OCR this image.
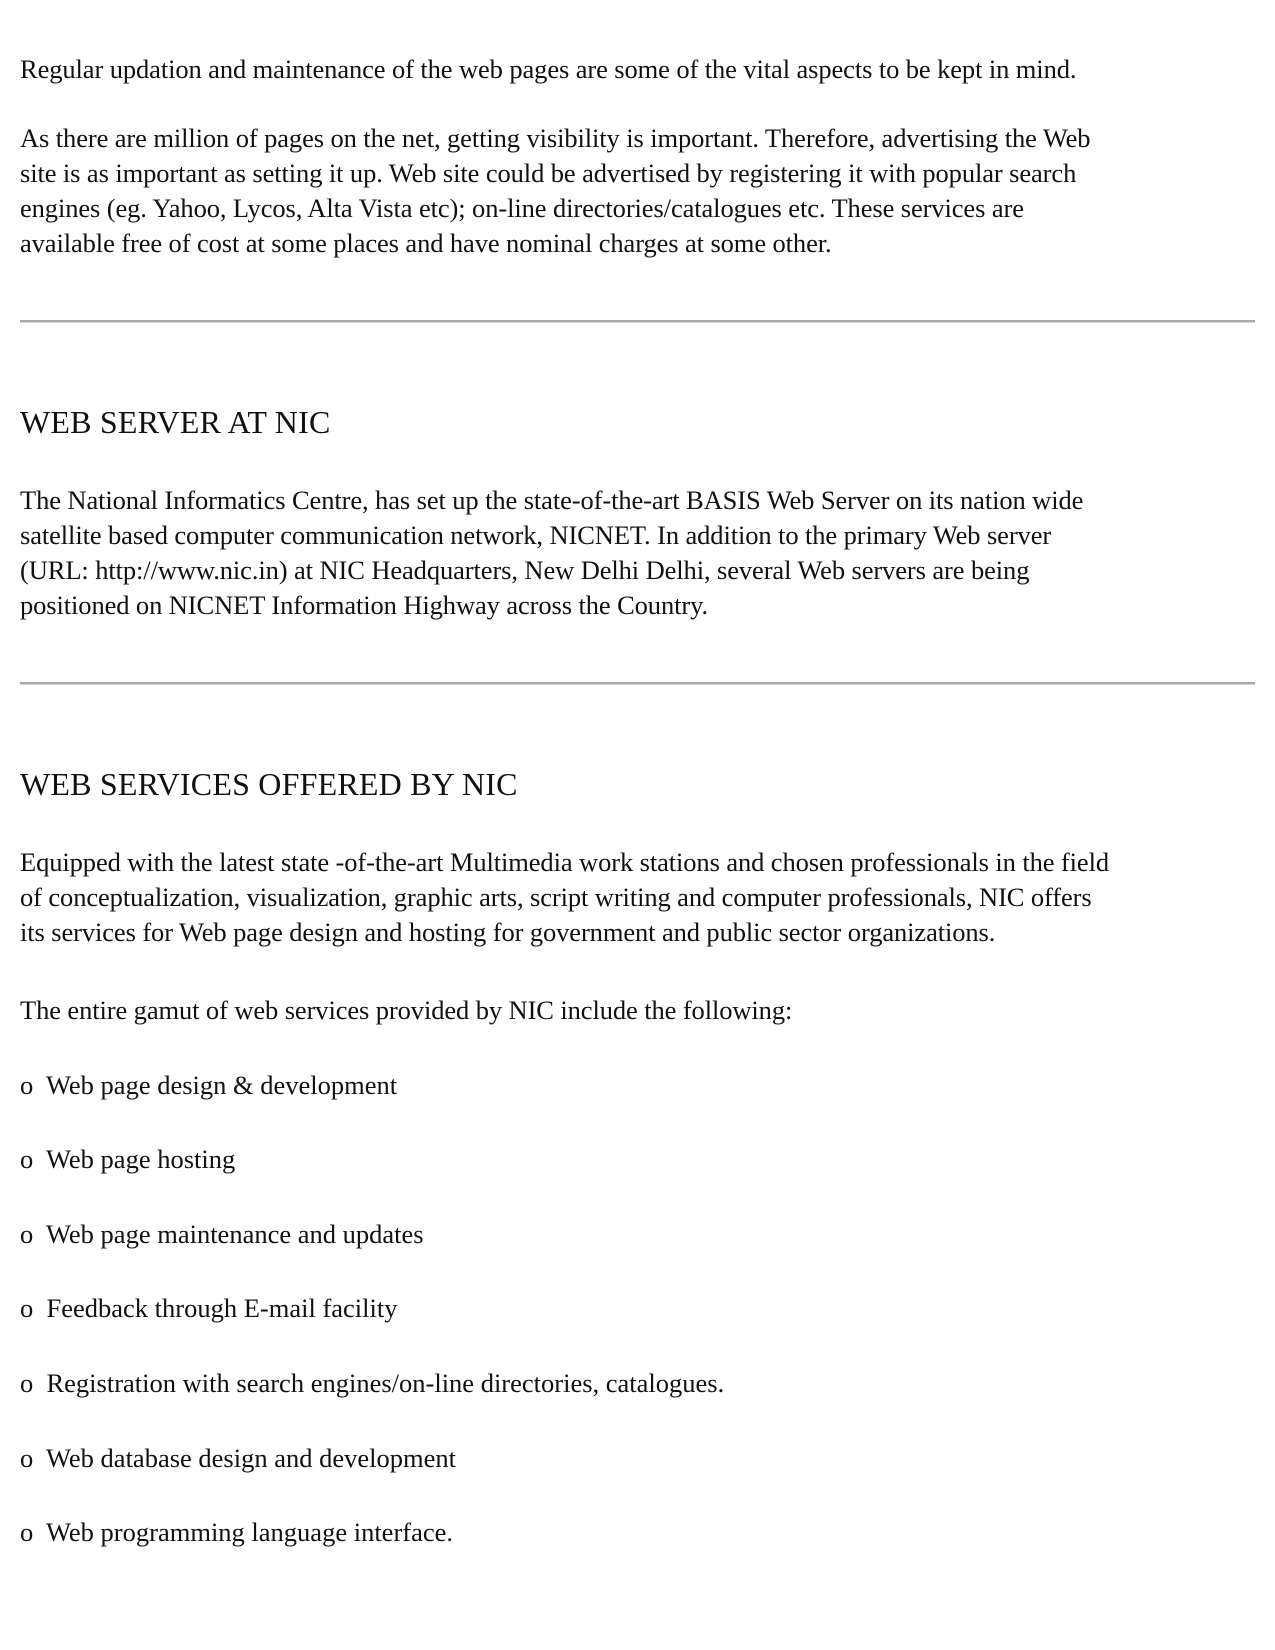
Regular updation and maintenance of the web pages are some of the vital aspects to be kept in mind.

As there are million of pages on the net, getting visibility is important. Therefore, advertising the Web

site is as important as setting it up. Web site could be advertised by registering it with popular search

engines (eg. Yahoo, Lycos, Alta Vista etc); on-line directories/catalogues etc. These services are

available free of cost at some places and have nominal charges at some other.

WEB SERVER AT NIC

The National Informatics Centre, has set up the state-of-the-art BASIS Web Server on its nation wide

satellite based computer communication network, NICNET. In addition to the primary Web server

(URL: http://www.nic.in) at NIC Headquarters, New Delhi Delhi, several Web servers are being

positioned on NICNET Information Highway across the Country.

WEB SERVICES OFFERED BY NIC

Equipped with the latest state -of-the-art Multimedia work stations and chosen professionals in the field

of conceptualization, visualization, graphic arts, script writing and computer professionals, NIC offers

its services for Web page design and hosting for government and public sector organizations.

The entire gamut of web services provided by NIC include the following:

o  Web page design & development

o  Web page hosting

o  Web page maintenance and updates

o  Feedback through E-mail facility

o  Registration with search engines/on-line directories, catalogues.

o  Web database design and development

o  Web programming language interface.
